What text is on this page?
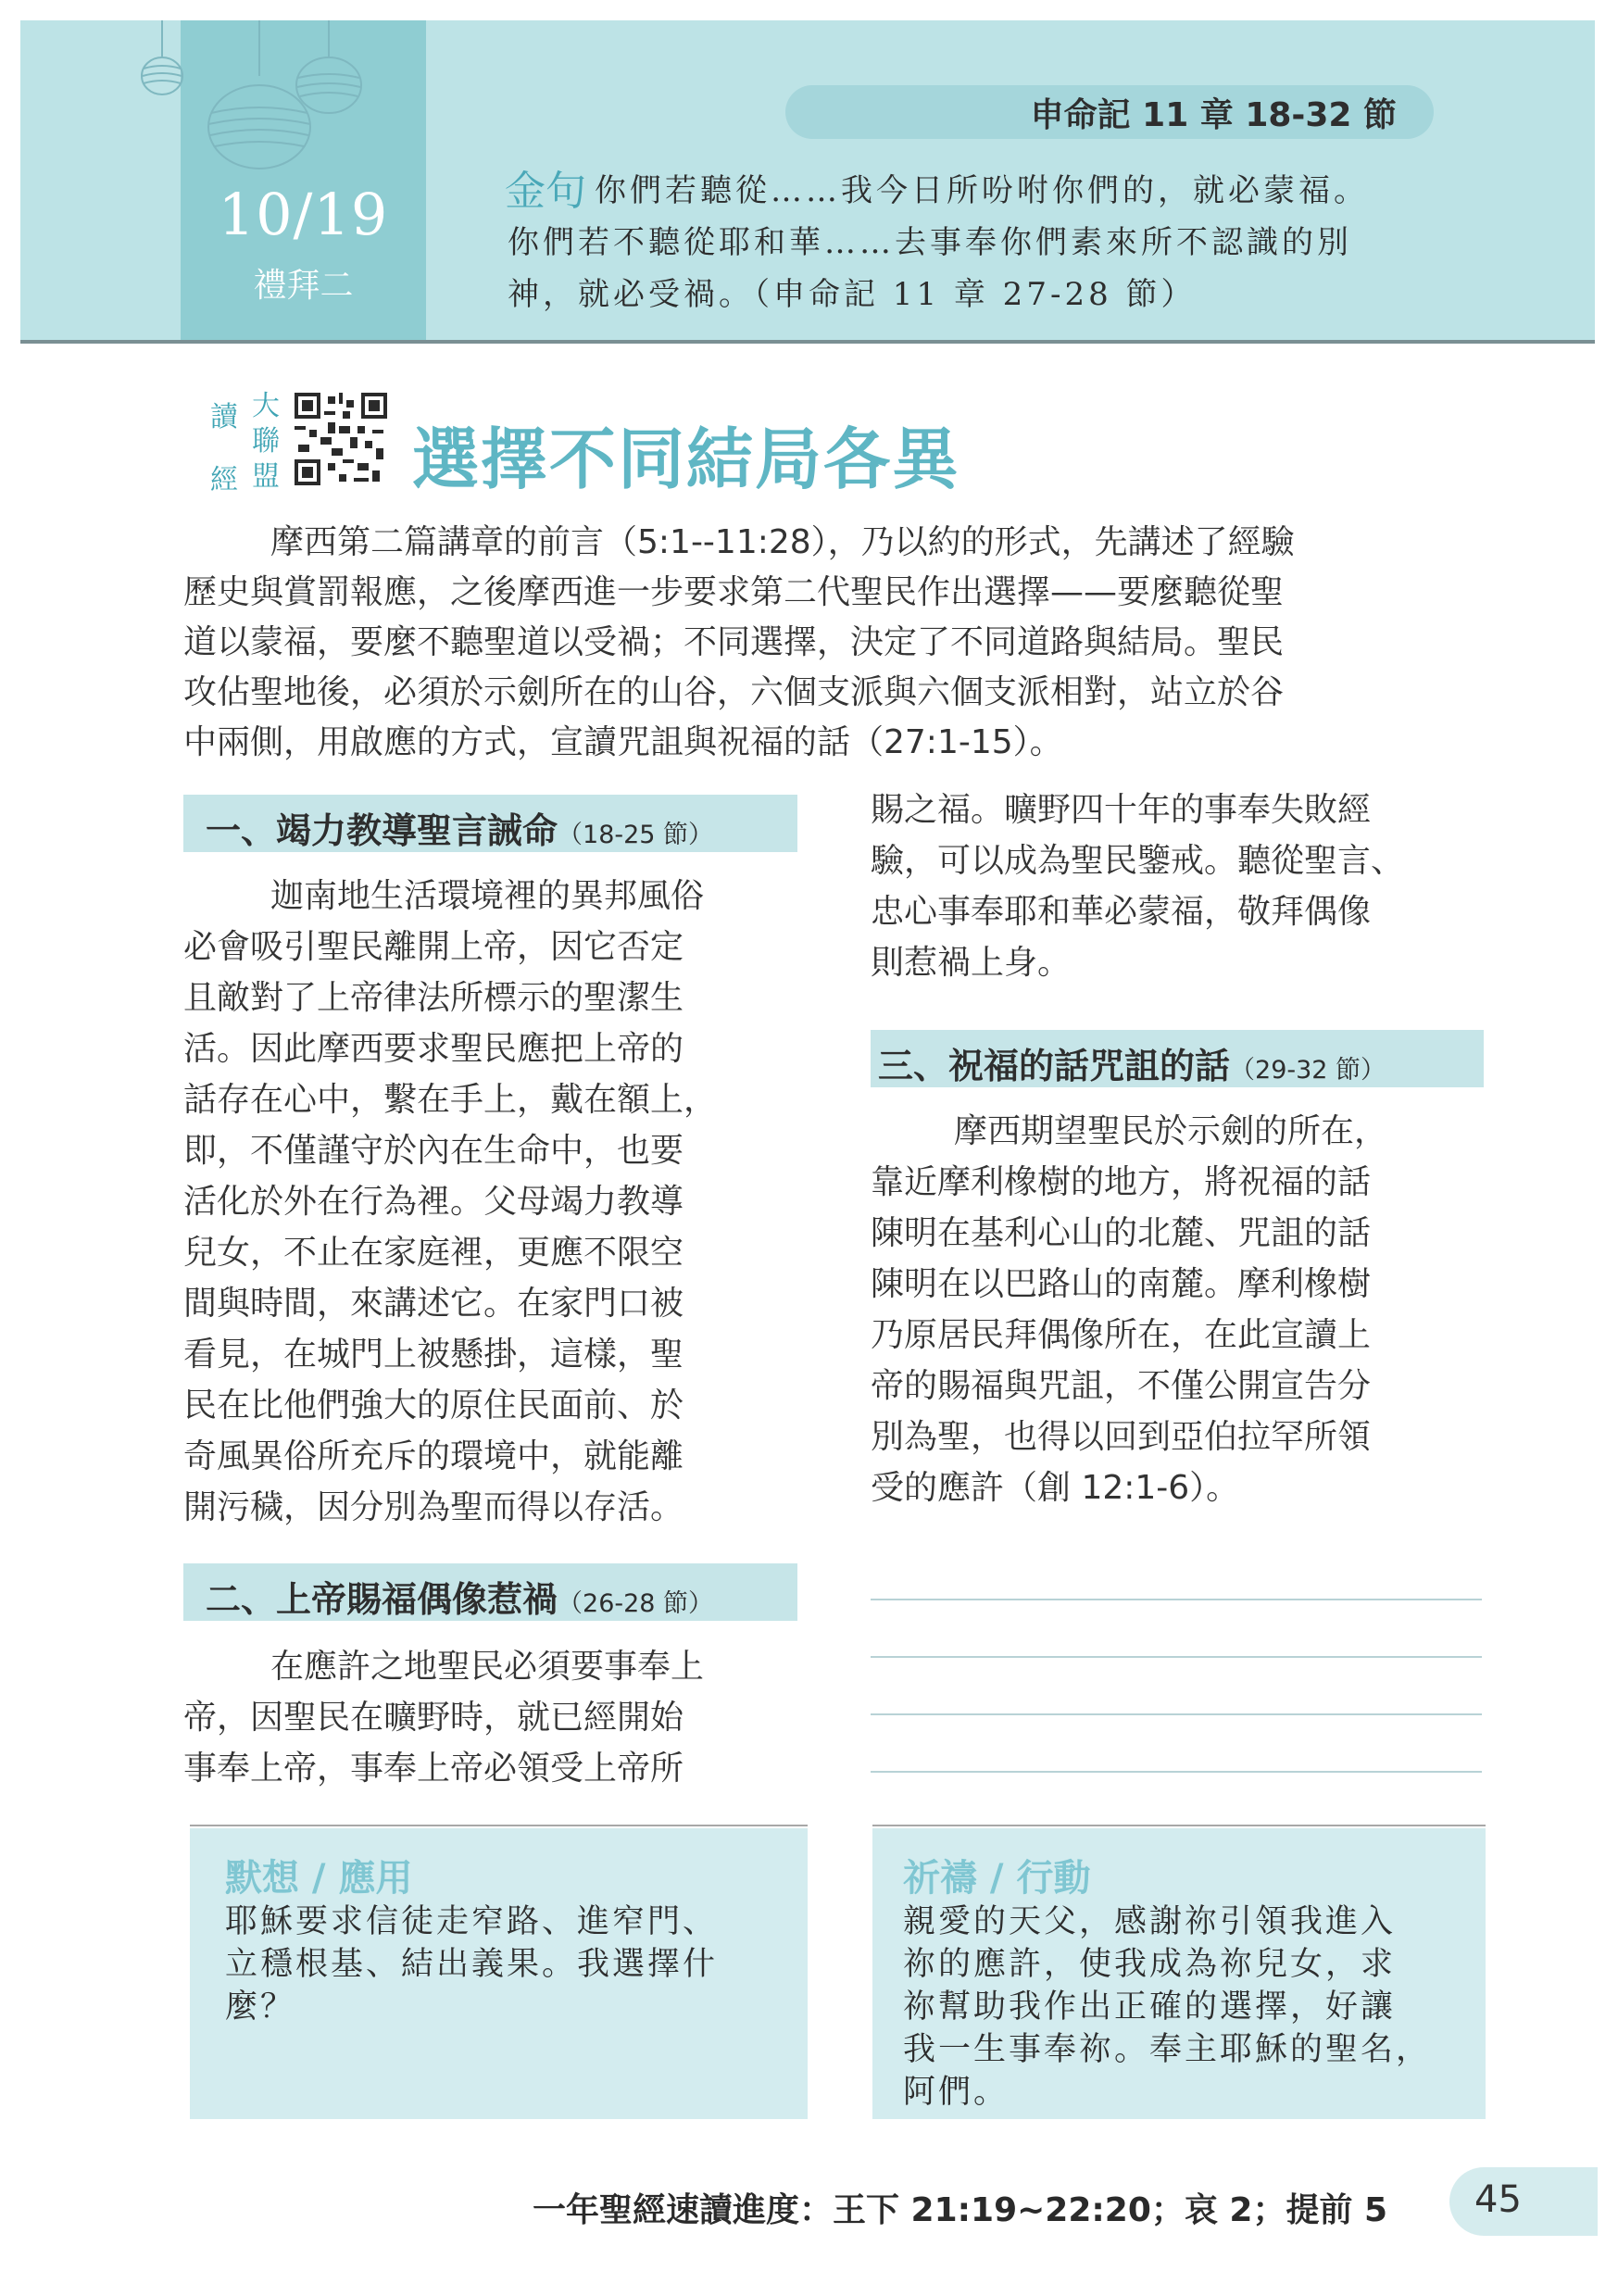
10/19
禮拜二
申命記 11 章 18-32 節
金句 你們若聽從……我今日所吩咐你們的，就必蒙福。
你們若不聽從耶和華……去事奉你們素來所不認識的別
神，就必受禍。（申命記 11 章 27-28 節）
讀
經
大
聯
盟 選擇不同結局各異
摩西第二篇講章的前言（5:1--11:28），乃以約的形式，先講述了經驗
歷史與賞罰報應，之後摩西進一步要求第二代聖民作出選擇——要麼聽從聖
道以蒙福，要麼不聽聖道以受禍；不同選擇，決定了不同道路與結局。聖民
攻佔聖地後，必須於示劍所在的山谷，六個支派與六個支派相對，站立於谷
中兩側，用啟應的方式，宣讀咒詛與祝福的話（27:1-15）。
一、竭力教導聖言誡命（18-25 節）
迦南地生活環境裡的異邦風俗
必會吸引聖民離開上帝，因它否定
且敵對了上帝律法所標示的聖潔生
活。因此摩西要求聖民應把上帝的
話存在心中，繫在手上，戴在額上，
即，不僅謹守於內在生命中，也要
活化於外在行為裡。父母竭力教導
兒女，不止在家庭裡，更應不限空
間與時間，來講述它。在家門口被
看見，在城門上被懸掛，這樣，聖
民在比他們強大的原住民面前、於
奇風異俗所充斥的環境中，就能離
開污穢，因分別為聖而得以存活。
二、上帝賜福偶像惹禍（26-28 節）
在應許之地聖民必須要事奉上
帝，因聖民在曠野時，就已經開始
事奉上帝，事奉上帝必領受上帝所
賜之福。曠野四十年的事奉失敗經
驗，可以成為聖民鑒戒。聽從聖言、
忠心事奉耶和華必蒙福，敬拜偶像
則惹禍上身。
三、祝福的話咒詛的話（29-32 節）
摩西期望聖民於示劍的所在，
靠近摩利橡樹的地方，將祝福的話
陳明在基利心山的北麓、咒詛的話
陳明在以巴路山的南麓。摩利橡樹
乃原居民拜偶像所在，在此宣讀上
帝的賜福與咒詛，不僅公開宣告分
別為聖，也得以回到亞伯拉罕所領
受的應許（創 12:1-6）。
默想 / 應用
耶穌要求信徒走窄路、進窄門、
立穩根基、結出義果。我選擇什
麼？
祈禱 / 行動
親愛的天父，感謝祢引領我進入
祢的應許，使我成為祢兒女，求
祢幫助我作出正確的選擇，好讓
我一生事奉祢。奉主耶穌的聖名，
阿們。
一年聖經速讀進度：王下 21:19~22:20；哀 2；提前 5 45
